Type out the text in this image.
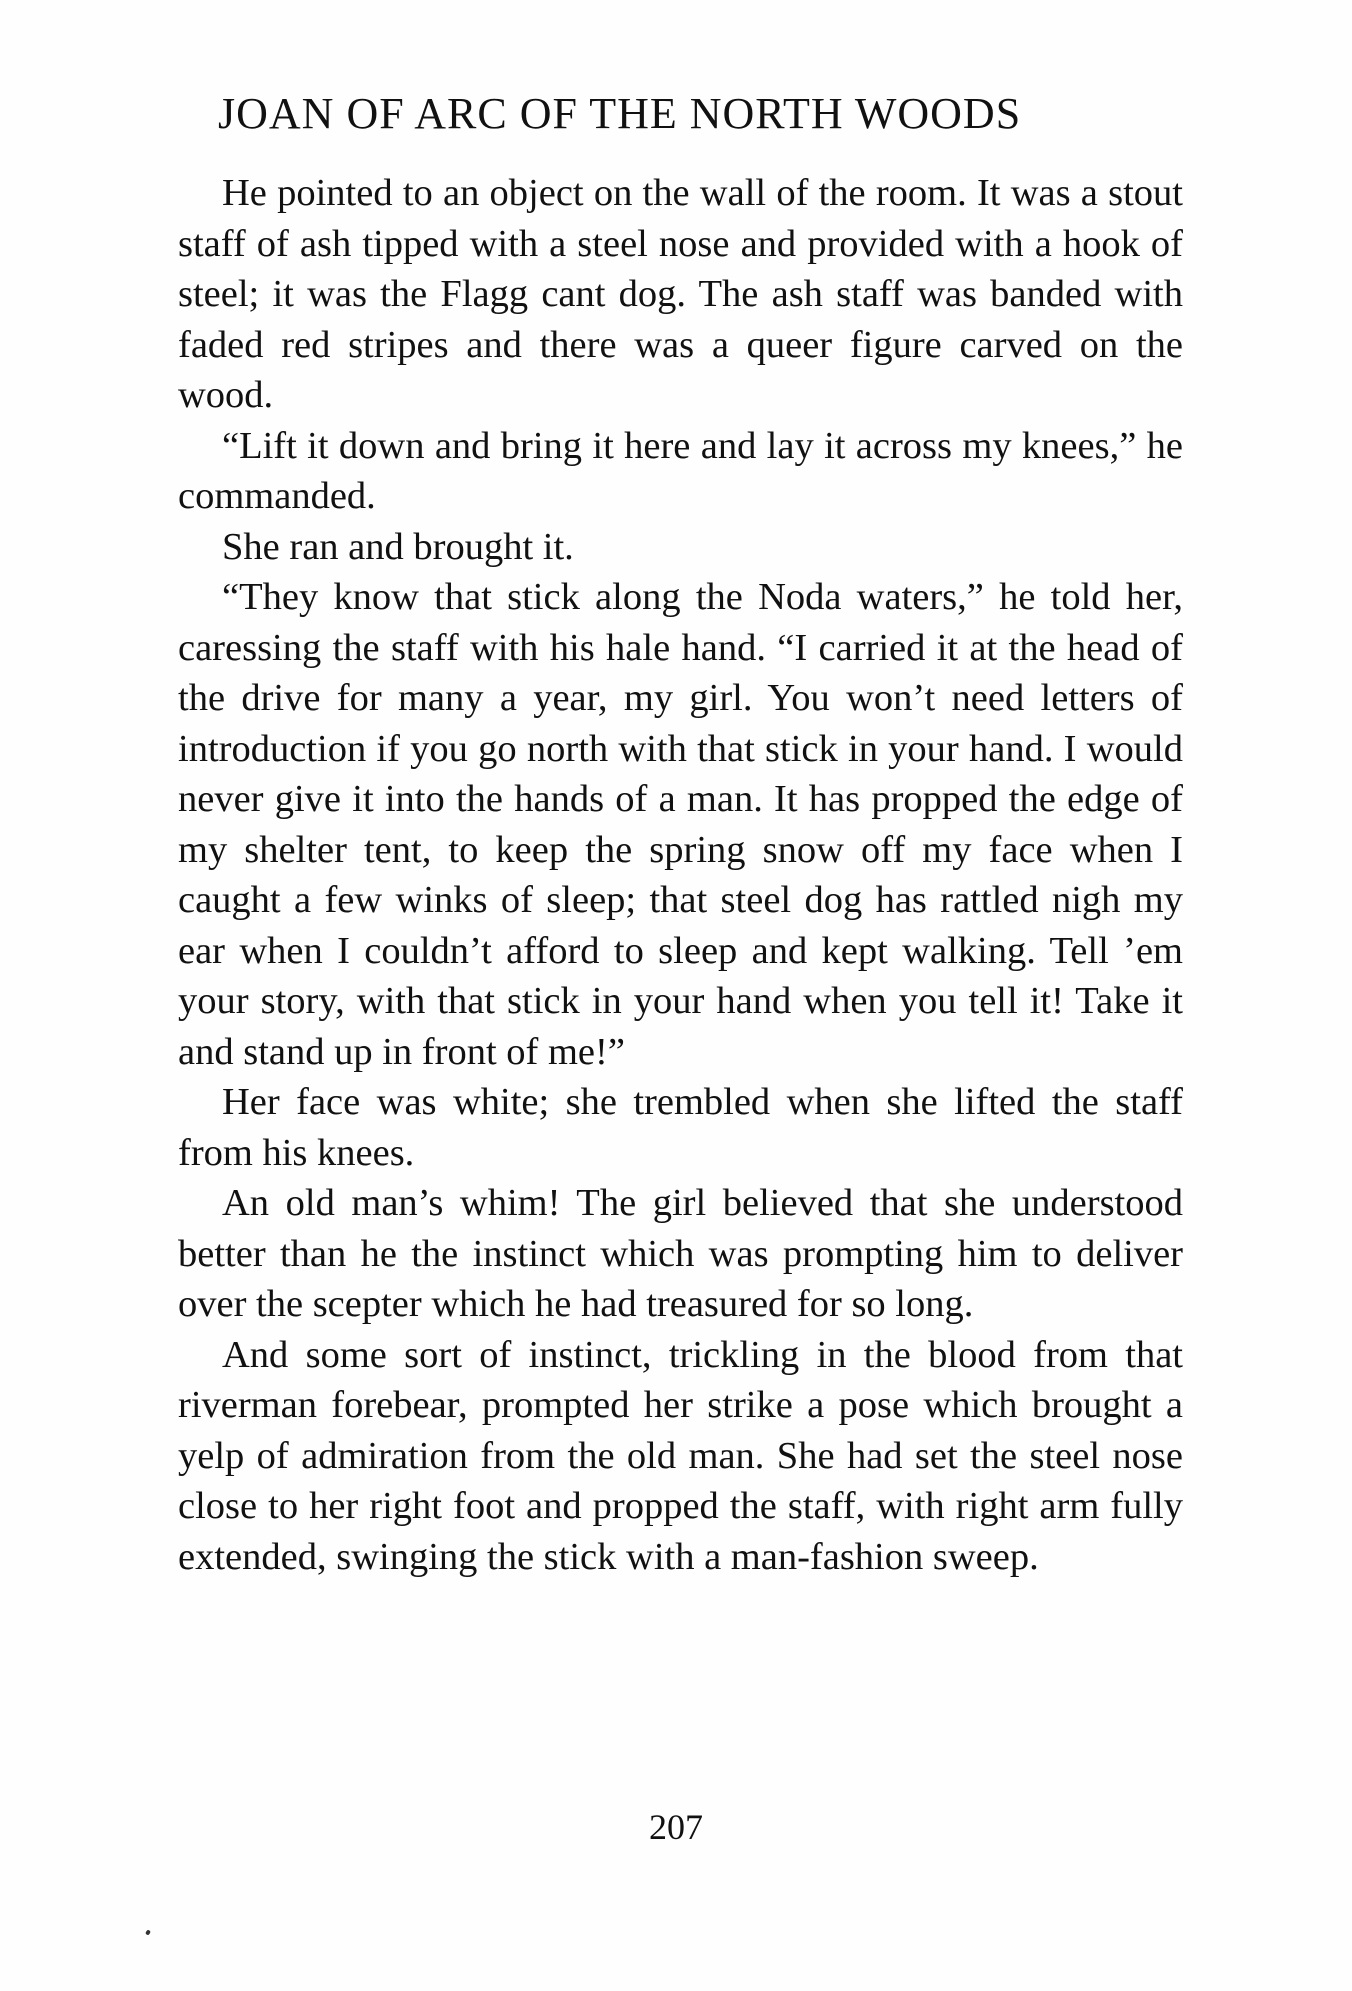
JOAN OF ARC OF THE NORTH WOODS

He pointed to an object on the wall of the room. It was a stout staff of ash tipped with a steel nose and provided with a hook of steel; it was the Flagg cant dog. The ash staff was banded with faded red stripes and there was a queer figure carved on the wood.

“Lift it down and bring it here and lay it across my knees,” he commanded.

She ran and brought it.

“They know that stick along the Noda waters,” he told her, caressing the staff with his hale hand. “I carried it at the head of the drive for many a year, my girl. You won’t need letters of introduction if you go north with that stick in your hand. I would never give it into the hands of a man. It has propped the edge of my shelter tent, to keep the spring snow off my face when I caught a few winks of sleep; that steel dog has rattled nigh my ear when I couldn’t afford to sleep and kept walking. Tell ’em your story, with that stick in your hand when you tell it! Take it and stand up in front of me!”

Her face was white; she trembled when she lifted the staff from his knees.

An old man’s whim! The girl believed that she understood better than he the instinct which was prompting him to deliver over the scepter which he had treasured for so long.

And some sort of instinct, trickling in the blood from that riverman forebear, prompted her strike a pose which brought a yelp of admiration from the old man. She had set the steel nose close to her right foot and propped the staff, with right arm fully extended, swinging the stick with a man-fashion sweep.

207
